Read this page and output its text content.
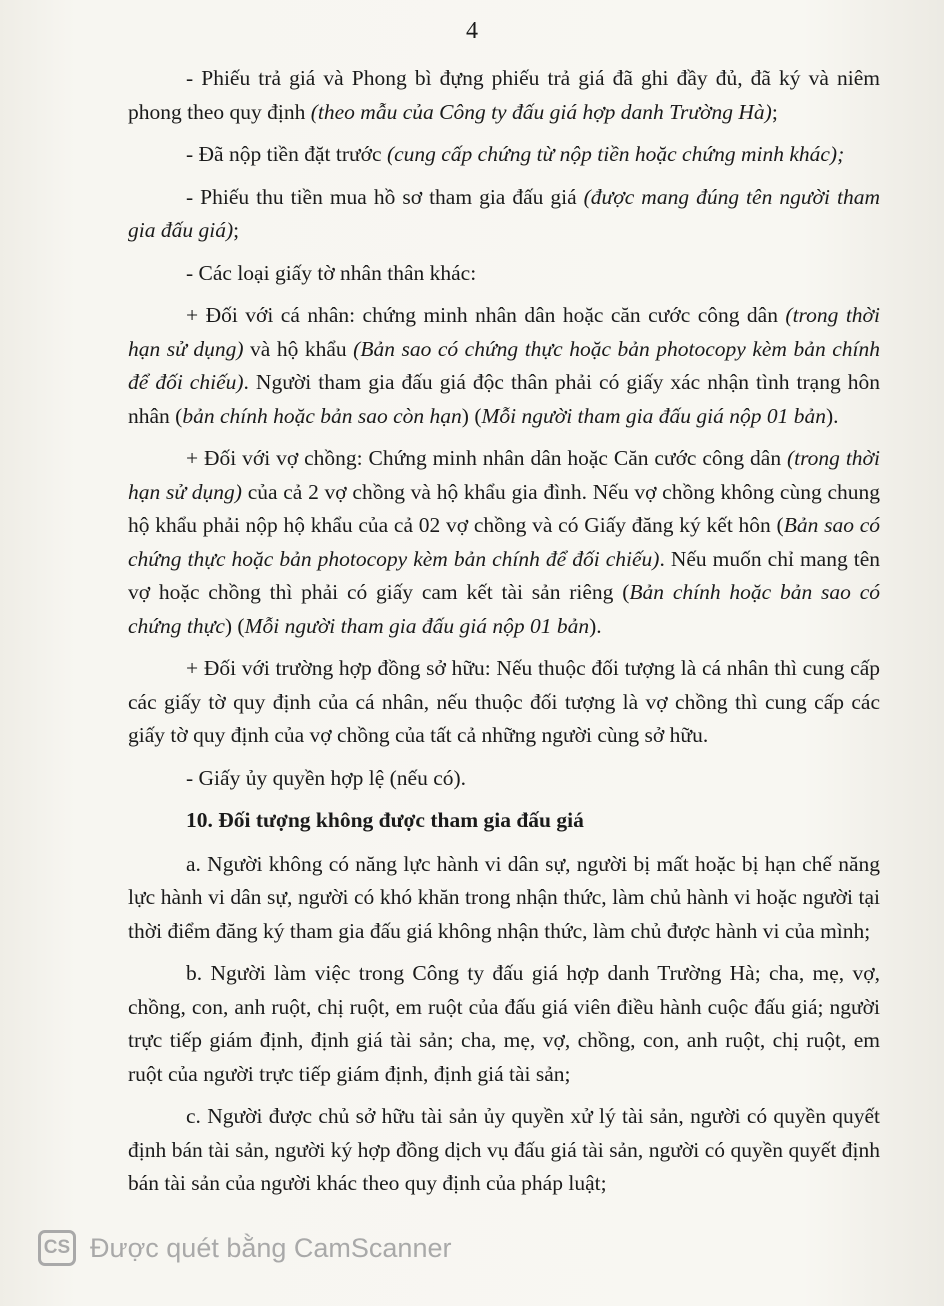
4

- Phiếu trả giá và Phong bì đựng phiếu trả giá đã ghi đầy đủ, đã ký và niêm phong theo quy định (theo mẫu của Công ty đấu giá hợp danh Trường Hà);

- Đã nộp tiền đặt trước (cung cấp chứng từ nộp tiền hoặc chứng minh khác);

- Phiếu thu tiền mua hồ sơ tham gia đấu giá (được mang đúng tên người tham gia đấu giá);

- Các loại giấy tờ nhân thân khác:

+ Đối với cá nhân: chứng minh nhân dân hoặc căn cước công dân (trong thời hạn sử dụng) và hộ khẩu (Bản sao có chứng thực hoặc bản photocopy kèm bản chính để đối chiếu). Người tham gia đấu giá độc thân phải có giấy xác nhận tình trạng hôn nhân (bản chính hoặc bản sao còn hạn) (Mỗi người tham gia đấu giá nộp 01 bản).

+ Đối với vợ chồng: Chứng minh nhân dân hoặc Căn cước công dân (trong thời hạn sử dụng) của cả 2 vợ chồng và hộ khẩu gia đình. Nếu vợ chồng không cùng chung hộ khẩu phải nộp hộ khẩu của cả 02 vợ chồng và có Giấy đăng ký kết hôn (Bản sao có chứng thực hoặc bản photocopy kèm bản chính để đối chiếu). Nếu muốn chỉ mang tên vợ hoặc chồng thì phải có giấy cam kết tài sản riêng (Bản chính hoặc bản sao có chứng thực) (Mỗi người tham gia đấu giá nộp 01 bản).

+ Đối với trường hợp đồng sở hữu: Nếu thuộc đối tượng là cá nhân thì cung cấp các giấy tờ quy định của cá nhân, nếu thuộc đối tượng là vợ chồng thì cung cấp các giấy tờ quy định của vợ chồng của tất cả những người cùng sở hữu.

- Giấy ủy quyền hợp lệ (nếu có).

10. Đối tượng không được tham gia đấu giá

a. Người không có năng lực hành vi dân sự, người bị mất hoặc bị hạn chế năng lực hành vi dân sự, người có khó khăn trong nhận thức, làm chủ hành vi hoặc người tại thời điểm đăng ký tham gia đấu giá không nhận thức, làm chủ được hành vi của mình;

b. Người làm việc trong Công ty đấu giá hợp danh Trường Hà; cha, mẹ, vợ, chồng, con, anh ruột, chị ruột, em ruột của đấu giá viên điều hành cuộc đấu giá; người trực tiếp giám định, định giá tài sản; cha, mẹ, vợ, chồng, con, anh ruột, chị ruột, em ruột của người trực tiếp giám định, định giá tài sản;

c. Người được chủ sở hữu tài sản ủy quyền xử lý tài sản, người có quyền quyết định bán tài sản, người ký hợp đồng dịch vụ đấu giá tài sản, người có quyền quyết định bán tài sản của người khác theo quy định của pháp luật;

CS Được quét bằng CamScanner
